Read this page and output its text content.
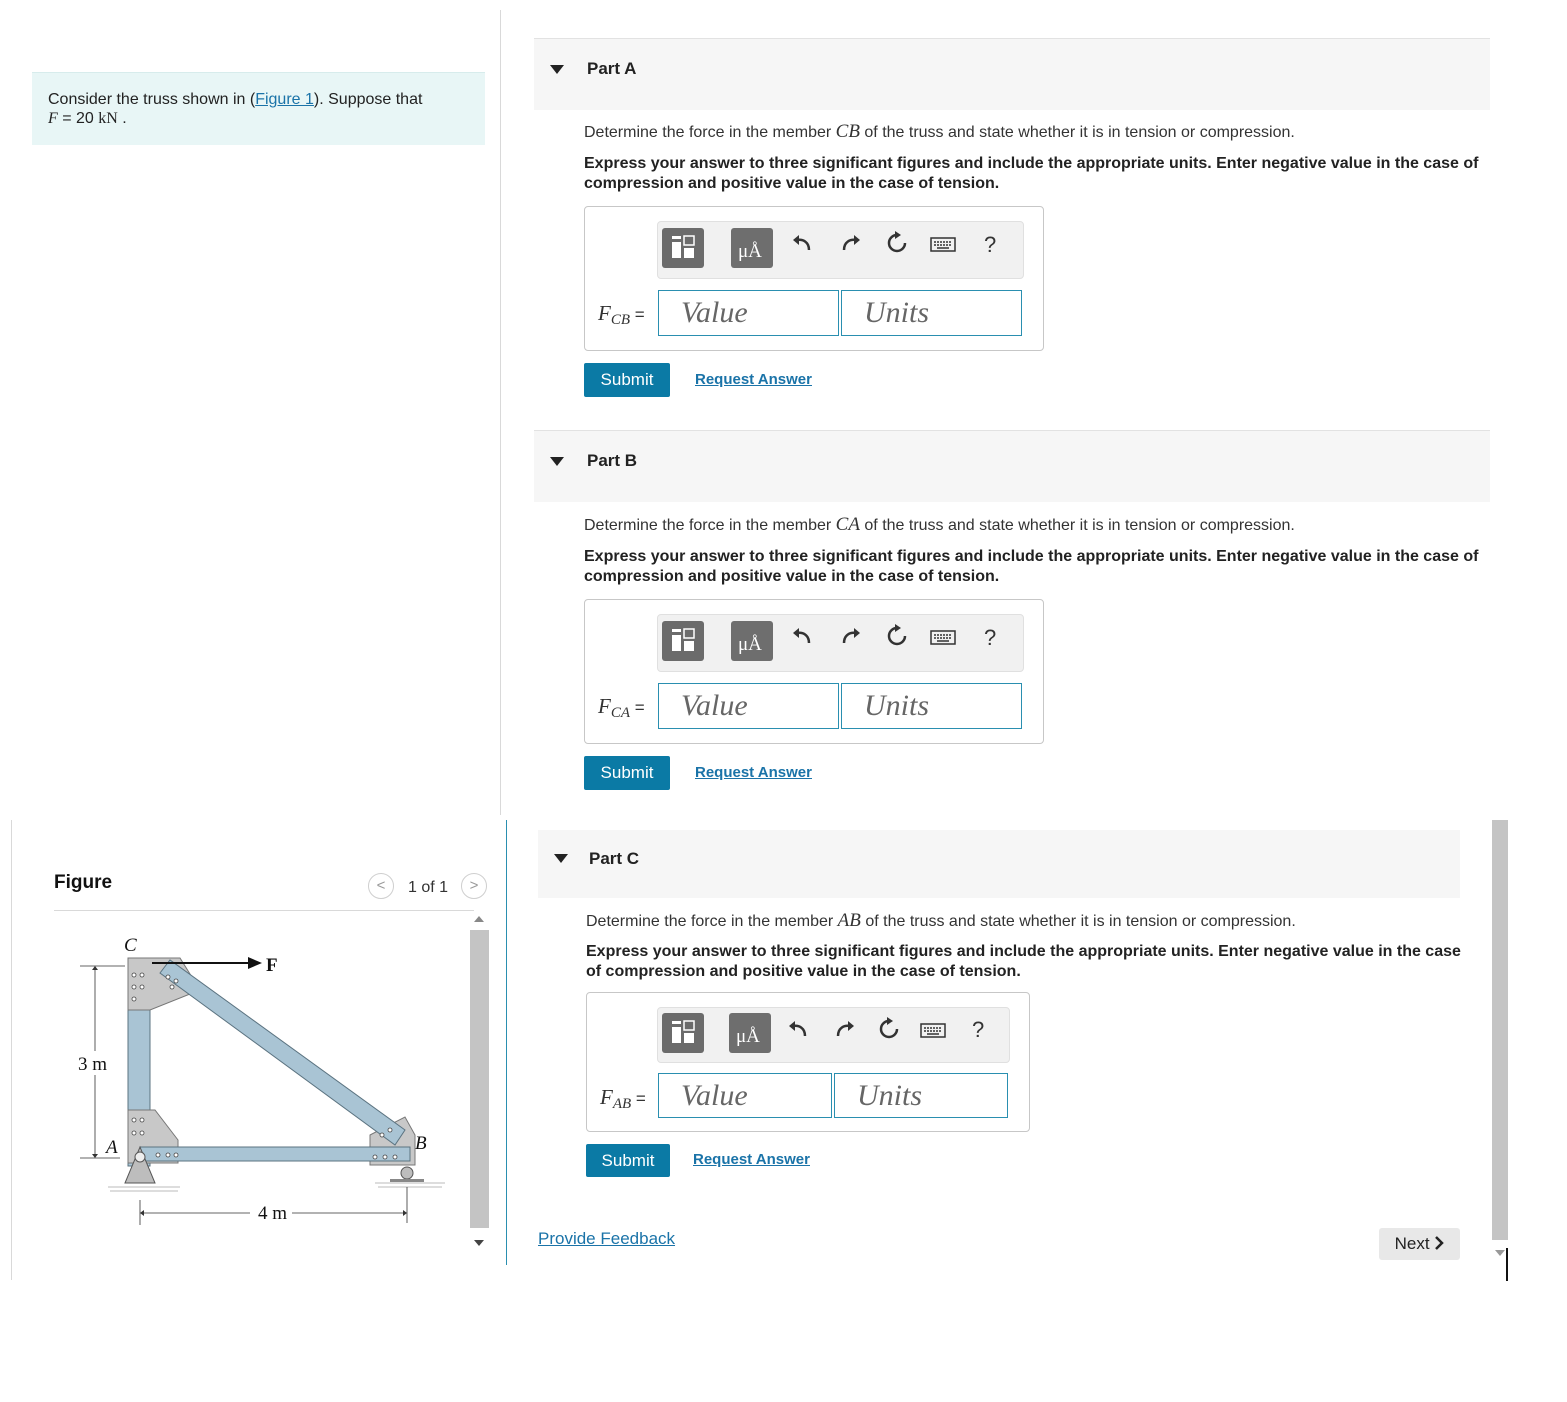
Consider the truss shown in (Figure 1). Suppose that
F = 20 kN .
Part A
Determine the force in the member CB of the truss and state whether it is in tension or compression.
Express your answer to three significant figures and include the appropriate units. Enter negative value in the case of compression and positive value in the case of tension.
μÅ	?
$F_{CB}$ =	Value	Units
Submit	Request Answer
Part B
Determine the force in the member CA of the truss and state whether it is in tension or compression.
Express your answer to three significant figures and include the appropriate units. Enter negative value in the case of compression and positive value in the case of tension.
μÅ	?
$F_{CA}$ =	Value	Units
Submit	Request Answer
Figure	<	1 of 1	>
C
F
A	B
3 m
4 m
Part C
Determine the force in the member AB of the truss and state whether it is in tension or compression.
Express your answer to three significant figures and include the appropriate units. Enter negative value in the case of compression and positive value in the case of tension.
μÅ	?
$F_{AB}$ =	Value	Units
Submit	Request Answer
Provide Feedback	Next
